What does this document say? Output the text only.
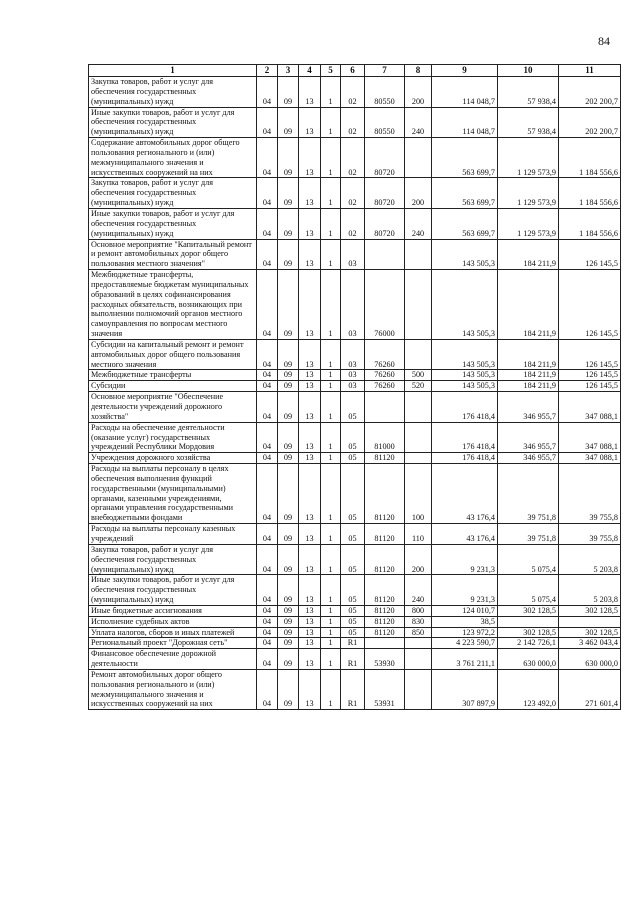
84
1	2	3	4	5	6	7	8	9	10	11
Закупка товаров, работ и услуг для обеспечения государственных (муниципальных) нужд	04	09	13	1	02	80550	200	114 048,7	57 938,4	202 200,7
Иные закупки товаров, работ и услуг для обеспечения государственных (муниципальных) нужд	04	09	13	1	02	80550	240	114 048,7	57 938,4	202 200,7
Содержание автомобильных дорог общего пользования регионального и (или) межмуниципального значения и искусственных сооружений на них	04	09	13	1	02	80720		563 699,7	1 129 573,9	1 184 556,6
Закупка товаров, работ и услуг для обеспечения государственных (муниципальных) нужд	04	09	13	1	02	80720	200	563 699,7	1 129 573,9	1 184 556,6
Иные закупки товаров, работ и услуг для обеспечения государственных (муниципальных) нужд	04	09	13	1	02	80720	240	563 699,7	1 129 573,9	1 184 556,6
Основное мероприятие "Капитальный ремонт и ремонт автомобильных дорог общего пользования местного значения"	04	09	13	1	03			143 505,3	184 211,9	126 145,5
Межбюджетные трансферты, предоставляемые бюджетам муниципальных образований в целях софинансирования расходных обязательств, возникающих при выполнении полномочий органов местного самоуправления по вопросам местного значения	04	09	13	1	03	76000		143 505,3	184 211,9	126 145,5
Субсидии на капитальный ремонт и ремонт автомобильных дорог общего пользования местного значения	04	09	13	1	03	76260		143 505,3	184 211,9	126 145,5
Межбюджетные трансферты	04	09	13	1	03	76260	500	143 505,3	184 211,9	126 145,5
Субсидии	04	09	13	1	03	76260	520	143 505,3	184 211,9	126 145,5
Основное мероприятие "Обеспечение деятельности учреждений дорожного хозяйства"	04	09	13	1	05			176 418,4	346 955,7	347 088,1
Расходы на обеспечение деятельности (оказание услуг) государственных учреждений Республики Мордовия	04	09	13	1	05	81000		176 418,4	346 955,7	347 088,1
Учреждения дорожного хозяйства	04	09	13	1	05	81120		176 418,4	346 955,7	347 088,1
Расходы на выплаты персоналу в целях обеспечения выполнения функций государственными (муниципальными) органами, казенными учреждениями, органами управления государственными внебюджетными фондами	04	09	13	1	05	81120	100	43 176,4	39 751,8	39 755,8
Расходы на выплаты персоналу казенных учреждений	04	09	13	1	05	81120	110	43 176,4	39 751,8	39 755,8
Закупка товаров, работ и услуг для обеспечения государственных (муниципальных) нужд	04	09	13	1	05	81120	200	9 231,3	5 075,4	5 203,8
Иные закупки товаров, работ и услуг для обеспечения государственных (муниципальных) нужд	04	09	13	1	05	81120	240	9 231,3	5 075,4	5 203,8
Иные бюджетные ассигнования	04	09	13	1	05	81120	800	124 010,7	302 128,5	302 128,5
Исполнение судебных актов	04	09	13	1	05	81120	830	38,5		
Уплата налогов, сборов и иных платежей	04	09	13	1	05	81120	850	123 972,2	302 128,5	302 128,5
Региональный проект "Дорожная сеть"	04	09	13	1	R1			4 223 590,7	2 142 726,1	3 462 043,4
Финансовое обеспечение дорожной деятельности	04	09	13	1	R1	53930		3 761 211,1	630 000,0	630 000,0
Ремонт автомобильных дорог общего пользования регионального и (или) межмуниципального значения и искусственных сооружений на них	04	09	13	1	R1	53931		307 897,9	123 492,0	271 601,4
